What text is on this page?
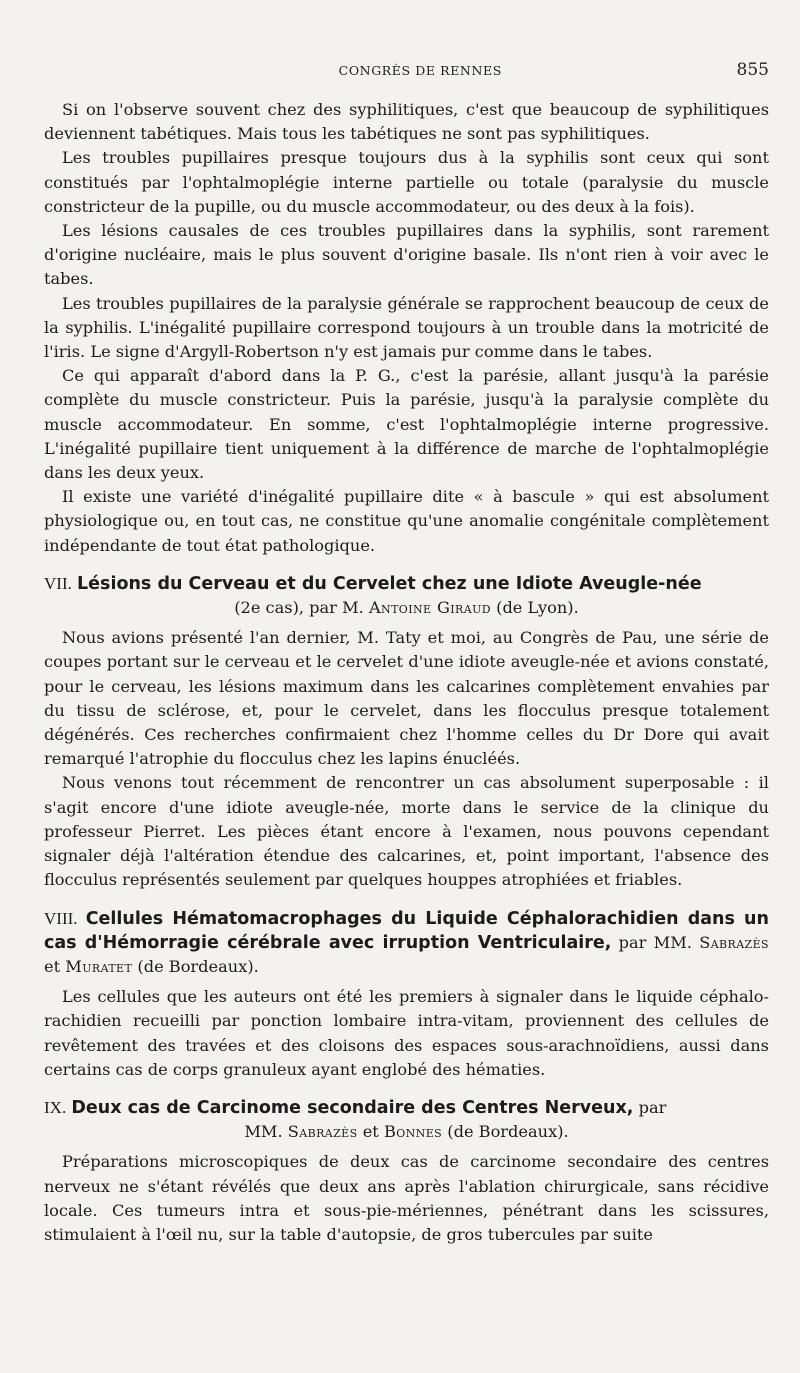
CONGRÈS DE RENNES	855

Si on l'observe souvent chez des syphilitiques, c'est que beaucoup de syphilitiques deviennent tabétiques. Mais tous les tabétiques ne sont pas syphilitiques.

Les troubles pupillaires presque toujours dus à la syphilis sont ceux qui sont constitués par l'ophtalmoplégie interne partielle ou totale (paralysie du muscle constricteur de la pupille, ou du muscle accommodateur, ou des deux à la fois).

Les lésions causales de ces troubles pupillaires dans la syphilis, sont rarement d'origine nucléaire, mais le plus souvent d'origine basale. Ils n'ont rien à voir avec le tabes.

Les troubles pupillaires de la paralysie générale se rapprochent beaucoup de ceux de la syphilis. L'inégalité pupillaire correspond toujours à un trouble dans la motricité de l'iris. Le signe d'Argyll-Robertson n'y est jamais pur comme dans le tabes.

Ce qui apparaît d'abord dans la P. G., c'est la parésie, allant jusqu'à la parésie complète du muscle constricteur. Puis la parésie, jusqu'à la paralysie complète du muscle accommodateur. En somme, c'est l'ophtalmoplégie interne progressive. L'inégalité pupillaire tient uniquement à la différence de marche de l'ophtalmoplégie dans les deux yeux.

Il existe une variété d'inégalité pupillaire dite « à bascule » qui est absolument physiologique ou, en tout cas, ne constitue qu'une anomalie congénitale complètement indépendante de tout état pathologique.

VII. Lésions du Cerveau et du Cervelet chez une Idiote Aveugle-née

(2e cas), par M. Antoine Giraud (de Lyon).

Nous avions présenté l'an dernier, M. Taty et moi, au Congrès de Pau, une série de coupes portant sur le cerveau et le cervelet d'une idiote aveugle-née et avions constaté, pour le cerveau, les lésions maximum dans les calcarines complètement envahies par du tissu de sclérose, et, pour le cervelet, dans les flocculus presque totalement dégénérés. Ces recherches confirmaient chez l'homme celles du Dr Dore qui avait remarqué l'atrophie du flocculus chez les lapins énucléés.

Nous venons tout récemment de rencontrer un cas absolument superposable : il s'agit encore d'une idiote aveugle-née, morte dans le service de la clinique du professeur Pierret. Les pièces étant encore à l'examen, nous pouvons cependant signaler déjà l'altération étendue des calcarines, et, point important, l'absence des flocculus représentés seulement par quelques houppes atrophiées et friables.

VIII. Cellules Hématomacrophages du Liquide Céphalorachidien dans un cas d'Hémorragie cérébrale avec irruption Ventriculaire, par MM. Sabrazès et Muratet (de Bordeaux).

Les cellules que les auteurs ont été les premiers à signaler dans le liquide céphalo-rachidien recueilli par ponction lombaire intra-vitam, proviennent des cellules de revêtement des travées et des cloisons des espaces sous-arachnoïdiens, aussi dans certains cas de corps granuleux ayant englobé des hématies.

IX. Deux cas de Carcinome secondaire des Centres Nerveux, par

MM. Sabrazès et Bonnes (de Bordeaux).

Préparations microscopiques de deux cas de carcinome secondaire des centres nerveux ne s'étant révélés que deux ans après l'ablation chirurgicale, sans récidive locale. Ces tumeurs intra et sous-pie-mériennes, pénétrant dans les scissures, stimulaient à l'œil nu, sur la table d'autopsie, de gros tubercules par suite
